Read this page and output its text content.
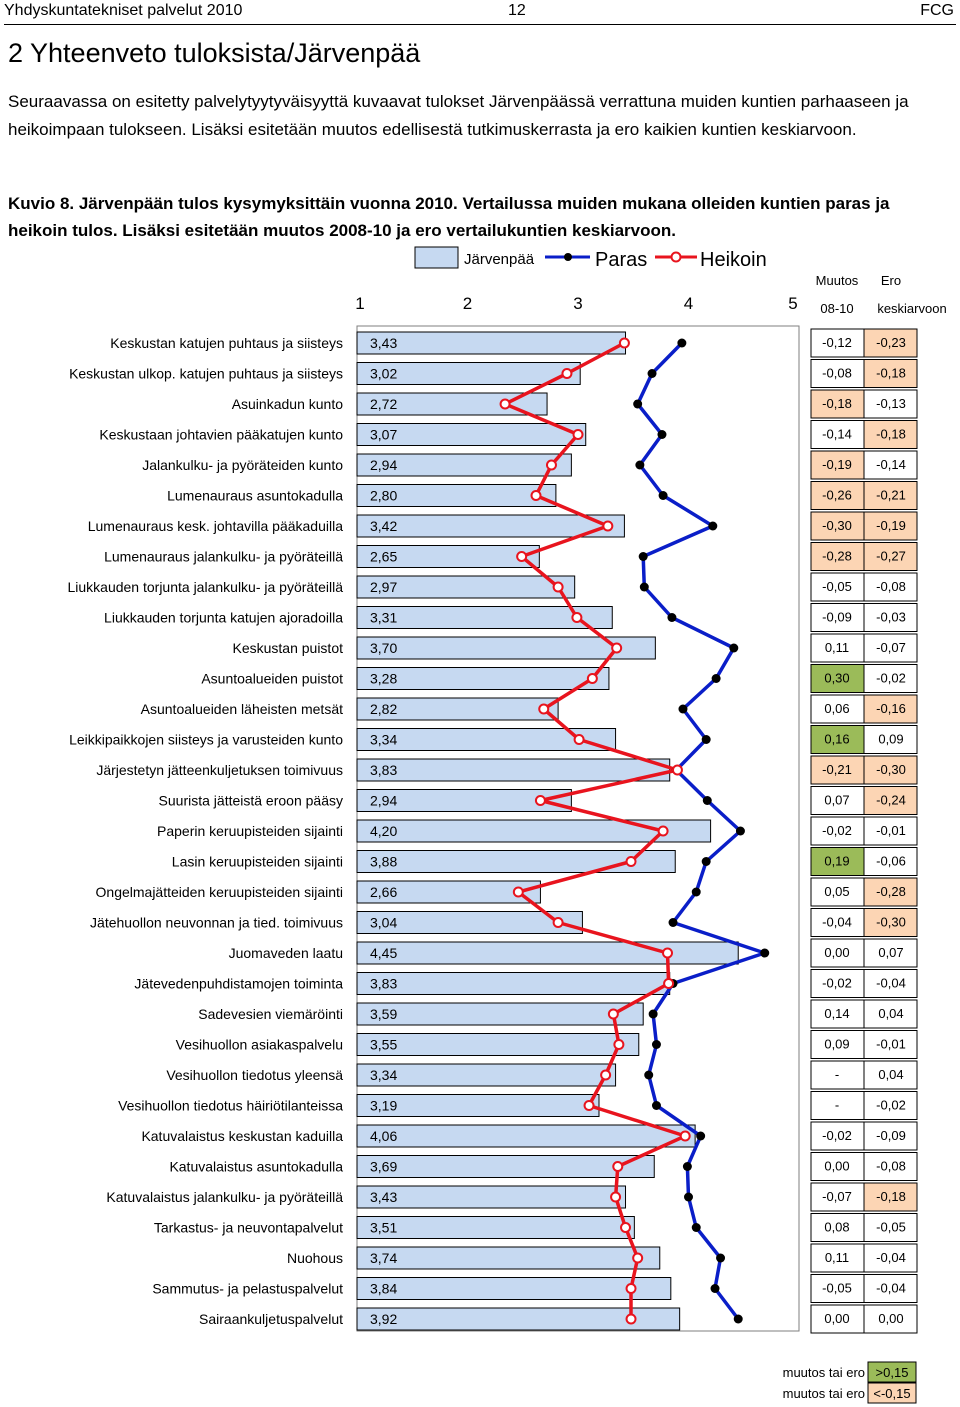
Yhdyskuntatekniset palvelut 2010	12	FCG
2 Yhteenveto tuloksista/Järvenpää

Seuraavassa on esitetty palvelytyytyväisyyttä kuvaavat tulokset Järvenpäässä verrattuna muiden kuntien parhaaseen ja heikoimpaan tulokseen. Lisäksi esitetään muutos edellisestä tutkimuskerrasta ja ero kaikien kuntien keskiarvoon.

Kuvio 8. Järvenpään tulos kysymyksittäin vuonna 2010. Vertailussa muiden mukana olleiden kuntien paras ja heikoin tulos. Lisäksi esitetään muutos 2008-10 ja ero vertailukuntien keskiarvoon.

1	2	3	4	5
Järvenpää	Paras	Heikoin
Muutos
08-10
Ero
keskiarvoon
Keskustan katujen puhtaus ja siisteys 3,43	-0,12 -0,23
Keskustan ulkop. katujen puhtaus ja siisteys 3,02	-0,08 -0,18
Asuinkadun kunto 2,72	-0,18 -0,13
Keskustaan johtavien pääkatujen kunto 3,07	-0,14 -0,18
Jalankulku- ja pyöräteiden kunto 2,94	-0,19 -0,14
Lumenauraus asuntokadulla 2,80	-0,26 -0,21
Lumenauraus kesk. johtavilla pääkaduilla 3,42	-0,30 -0,19
Lumenauraus jalankulku- ja pyöräteillä 2,65	-0,28 -0,27
Liukkauden torjunta jalankulku- ja pyöräteillä 2,97	-0,05 -0,08
Liukkauden torjunta katujen ajoradoilla 3,31	-0,09 -0,03
Keskustan puistot 3,70	0,11 -0,07
Asuntoalueiden puistot 3,28	0,30 -0,02
Asuntoalueiden läheisten metsät 2,82	0,06 -0,16
Leikkipaikkojen siisteys ja varusteiden kunto 3,34	0,16 0,09
Järjestetyn jätteenkuljetuksen toimivuus 3,83	-0,21 -0,30
Suurista jätteistä eroon pääsy 2,94	0,07 -0,24
Paperin keruupisteiden sijainti 4,20	-0,02 -0,01
Lasin keruupisteiden sijainti 3,88	0,19 -0,06
Ongelmajätteiden keruupisteiden sijainti 2,66	0,05 -0,28
Jätehuollon neuvonnan ja tied. toimivuus 3,04	-0,04 -0,30
Juomaveden laatu 4,45	0,00 0,07
Jätevedenpuhdistamojen toiminta 3,83	-0,02 -0,04
Sadevesien viemäröinti 3,59	0,14 0,04
Vesihuollon asiakaspalvelu 3,55	0,09 -0,01
Vesihuollon tiedotus yleensä 3,34	-	0,04
Vesihuollon tiedotus häiriötilanteissa 3,19	-	-0,02
Katuvalaistus keskustan kaduilla 4,06	-0,02 -0,09
Katuvalaistus asuntokadulla 3,69	0,00 -0,08
Katuvalaistus jalankulku- ja pyöräteillä 3,43	-0,07 -0,18
Tarkastus- ja neuvontapalvelut 3,51	0,08 -0,05
Nuohous 3,74	0,11 -0,04
Sammutus- ja pelastuspalvelut 3,84	-0,05 -0,04
Sairaankuljetuspalvelut 3,92	0,00 0,00
muutos tai ero >0,15
muutos tai ero <-0,15
